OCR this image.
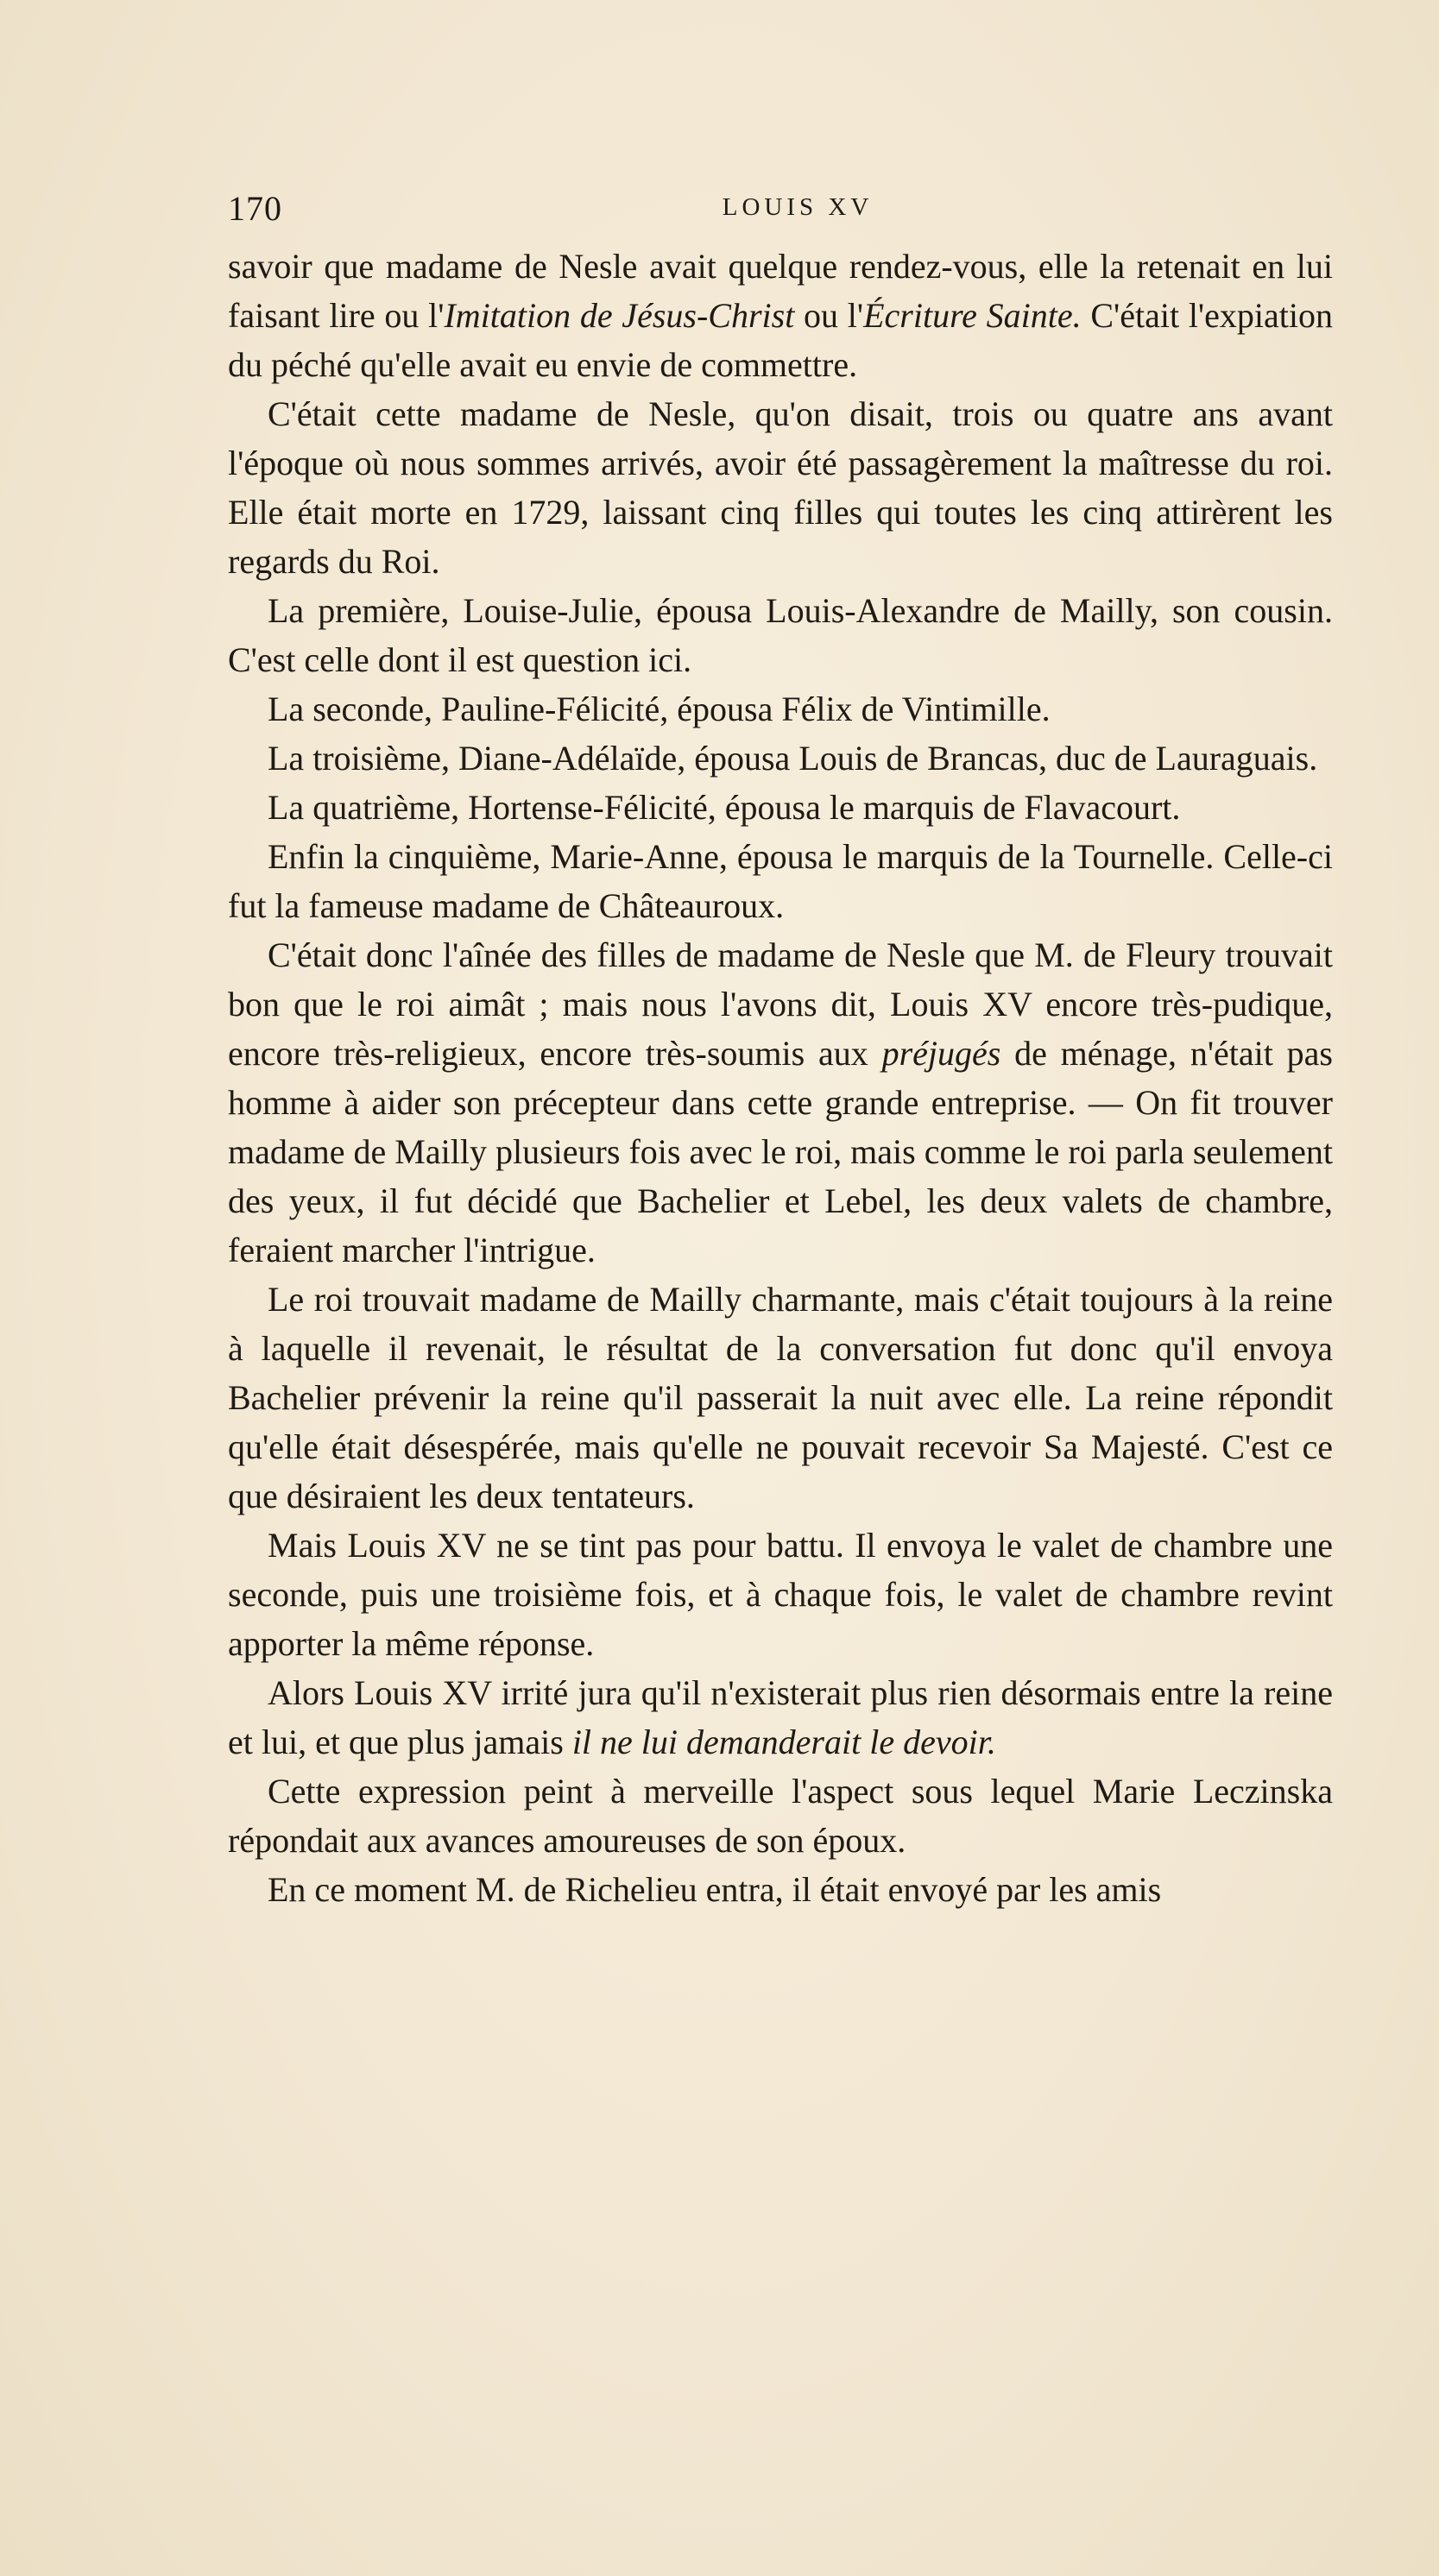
170	LOUIS XV

savoir que madame de Nesle avait quelque rendez-vous, elle la retenait en lui faisant lire ou l'Imitation de Jésus-Christ ou l'Écriture Sainte. C'était l'expiation du péché qu'elle avait eu envie de commettre.

C'était cette madame de Nesle, qu'on disait, trois ou quatre ans avant l'époque où nous sommes arrivés, avoir été passagèrement la maîtresse du roi. Elle était morte en 1729, laissant cinq filles qui toutes les cinq attirèrent les regards du Roi.

La première, Louise-Julie, épousa Louis-Alexandre de Mailly, son cousin. C'est celle dont il est question ici.

La seconde, Pauline-Félicité, épousa Félix de Vintimille.

La troisième, Diane-Adélaïde, épousa Louis de Brancas, duc de Lauraguais.

La quatrième, Hortense-Félicité, épousa le marquis de Flavacourt.

Enfin la cinquième, Marie-Anne, épousa le marquis de la Tournelle. Celle-ci fut la fameuse madame de Châteauroux.

C'était donc l'aînée des filles de madame de Nesle que M. de Fleury trouvait bon que le roi aimât ; mais nous l'avons dit, Louis XV encore très-pudique, encore très-religieux, encore très-soumis aux préjugés de ménage, n'était pas homme à aider son précepteur dans cette grande entreprise. — On fit trouver madame de Mailly plusieurs fois avec le roi, mais comme le roi parla seulement des yeux, il fut décidé que Bachelier et Lebel, les deux valets de chambre, feraient marcher l'intrigue.

Le roi trouvait madame de Mailly charmante, mais c'était toujours à la reine à laquelle il revenait, le résultat de la conversation fut donc qu'il envoya Bachelier prévenir la reine qu'il passerait la nuit avec elle. La reine répondit qu'elle était désespérée, mais qu'elle ne pouvait recevoir Sa Majesté. C'est ce que désiraient les deux tentateurs.

Mais Louis XV ne se tint pas pour battu. Il envoya le valet de chambre une seconde, puis une troisième fois, et à chaque fois, le valet de chambre revint apporter la même réponse.

Alors Louis XV irrité jura qu'il n'existerait plus rien désormais entre la reine et lui, et que plus jamais il ne lui demanderait le devoir.

Cette expression peint à merveille l'aspect sous lequel Marie Leczinska répondait aux avances amoureuses de son époux.

En ce moment M. de Richelieu entra, il était envoyé par les amis
